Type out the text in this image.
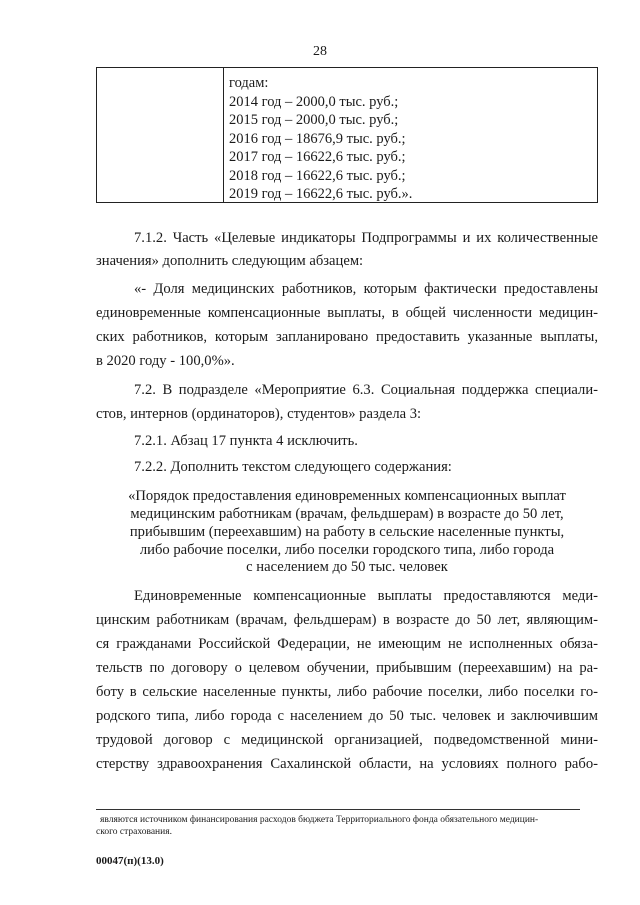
28
годам:
2014 год – 2000,0 тыс. руб.;
2015 год – 2000,0 тыс. руб.;
2016 год – 18676,9 тыс. руб.;
2017 год – 16622,6 тыс. руб.;
2018 год – 16622,6 тыс. руб.;
2019 год – 16622,6 тыс. руб.».
7.1.2. Часть «Целевые индикаторы Подпрограммы и их количественные
значения» дополнить следующим абзацем:
«- Доля медицинских работников, которым фактически предоставлены
единовременные компенсационные выплаты, в общей численности медицин-
ских работников, которым запланировано предоставить указанные выплаты,
в 2020 году - 100,0%».
7.2. В подразделе «Мероприятие 6.3. Социальная поддержка специали-
стов, интернов (ординаторов), студентов» раздела 3:
7.2.1. Абзац 17 пункта 4 исключить.
7.2.2. Дополнить текстом следующего содержания:
«Порядок предоставления единовременных компенсационных выплат
медицинским работникам (врачам, фельдшерам) в возрасте до 50 лет,
прибывшим (переехавшим) на работу в сельские населенные пункты,
либо рабочие поселки, либо поселки городского типа, либо города
с населением до 50 тыс. человек
Единовременные компенсационные выплаты предоставляются меди-
цинским работникам (врачам, фельдшерам) в возрасте до 50 лет, являющим-
ся гражданами Российской Федерации, не имеющим не исполненных обяза-
тельств по договору о целевом обучении, прибывшим (переехавшим) на ра-
боту в сельские населенные пункты, либо рабочие поселки, либо поселки го-
родского типа, либо города с населением до 50 тыс. человек и заключившим
трудовой договор с медицинской организацией, подведомственной мини-
стерству здравоохранения Сахалинской области, на условиях полного рабо-
являются источником финансирования расходов бюджета Территориального фонда обязательного медицин-
ского страхования.
00047(п)(13.0)
